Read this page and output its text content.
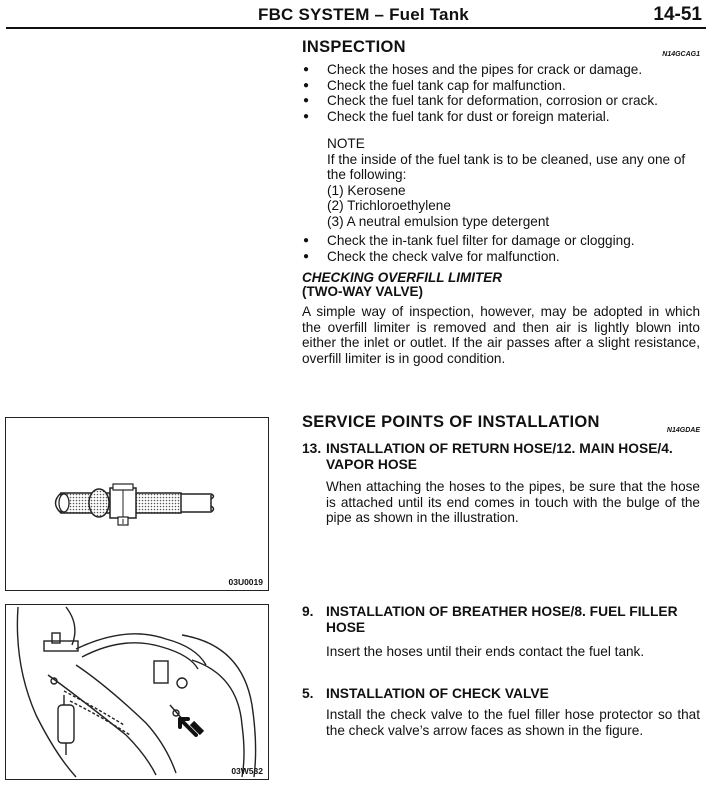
FBC SYSTEM – Fuel Tank	14-51
INSPECTION	N14GCAG1
● Check the hoses and the pipes for crack or damage.
● Check the fuel tank cap for malfunction.
● Check the fuel tank for deformation, corrosion or crack.
● Check the fuel tank for dust or foreign material.
NOTE
If the inside of the fuel tank is to be cleaned, use any one of the following:
(1) Kerosene
(2) Trichloroethylene
(3) A neutral emulsion type detergent
● Check the in-tank fuel filter for damage or clogging.
● Check the check valve for malfunction.
CHECKING OVERFILL LIMITER
(TWO-WAY VALVE)
A simple way of inspection, however, may be adopted in which the overfill limiter is removed and then air is lightly blown into either the inlet or outlet. If the air passes after a slight resistance, overfill limiter is in good condition.
SERVICE POINTS OF INSTALLATION	N14GDAE
13. INSTALLATION OF RETURN HOSE/12. MAIN HOSE/4. VAPOR HOSE
When attaching the hoses to the pipes, be sure that the hose is attached until its end comes in touch with the bulge of the pipe as shown in the illustration.
9. INSTALLATION OF BREATHER HOSE/8. FUEL FILLER HOSE
Insert the hoses until their ends contact the fuel tank.
5. INSTALLATION OF CHECK VALVE
Install the check valve to the fuel filler hose protector so that the check valve’s arrow faces as shown in the figure.
03U0019
03W532
